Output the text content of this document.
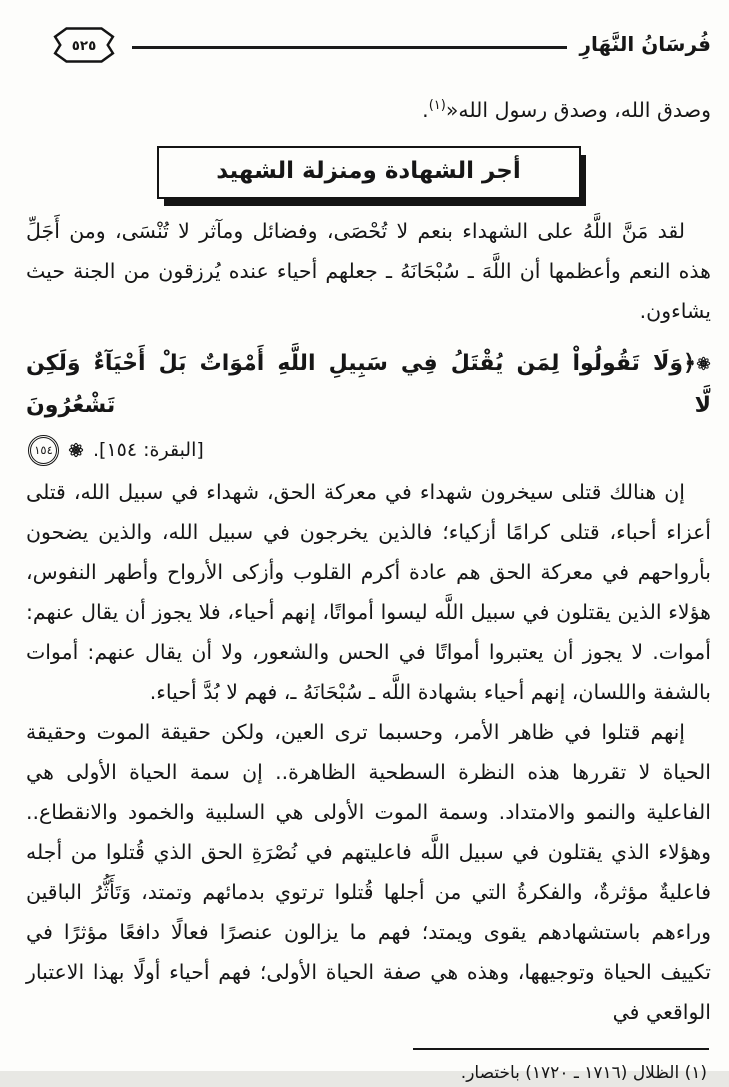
٥٢٥	فُرسَانُ النَّهَارِ
وصدق الله، وصدق رسول الله«$^{(١)}$.
أجر الشهادة ومنزلة الشهيد

لقد مَنَّ اللَّهُ على الشهداء بنعم لا تُحْصَى، وفضائل ومآثر لا تُنْسَى، ومن أَجَلِّ هذه النعم وأعظمها أن اللَّهَ ـ سُبْحَانَهُ ـ جعلهم أحياء عنده يُرزقون من الجنة حيث يشاءون.

﴿وَلَا تَقُولُواْ لِمَن يُقْتَلُ فِي سَبِيلِ اللَّهِ أَمْوَاتٌ بَلْ أَحْيَآءٌ وَلَكِن لَّا تَشْعُرُونَ
١٥٤ [البقرة: ١٥٤].

إن هنالك قتلى سيخرون شهداء في معركة الحق، شهداء في سبيل الله، قتلى أعزاء أحباء، قتلى كرامًا أزكياء؛ فالذين يخرجون في سبيل الله، والذين يضحون بأرواحهم في معركة الحق هم عادة أكرم القلوب وأزكى الأرواح وأطهر النفوس، هؤلاء الذين يقتلون في سبيل اللَّه ليسوا أمواتًا، إنهم أحياء، فلا يجوز أن يقال عنهم: أموات. لا يجوز أن يعتبروا أمواتًا في الحس والشعور، ولا أن يقال عنهم: أموات بالشفة واللسان، إنهم أحياء بشهادة اللَّه ـ سُبْحَانَهُ ـ، فهم لا بُدَّ أحياء.

إنهم قتلوا في ظاهر الأمر، وحسبما ترى العين، ولكن حقيقة الموت وحقيقة الحياة لا تقررها هذه النظرة السطحية الظاهرة.. إن سمة الحياة الأولى هي الفاعلية والنمو والامتداد. وسمة الموت الأولى هي السلبية والخمود والانقطاع.. وهؤلاء الذي يقتلون في سبيل اللَّه فاعليتهم في نُصْرَةِ الحق الذي قُتلوا من أجله فاعليةٌ مؤثرةٌ، والفكرةُ التي من أجلها قُتلوا ترتوي بدمائهم وتمتد، وَتَأَثُّرُ الباقين وراءهم باستشهادهم يقوى ويمتد؛ فهم ما يزالون عنصرًا فعالًا دافعًا مؤثرًا في تكييف الحياة وتوجيهها، وهذه هي صفة الحياة الأولى؛ فهم أحياء أولًا بهذا الاعتبار الواقعي في

(١) الظلال (١٧١٦ ـ ١٧٢٠) باختصار.
